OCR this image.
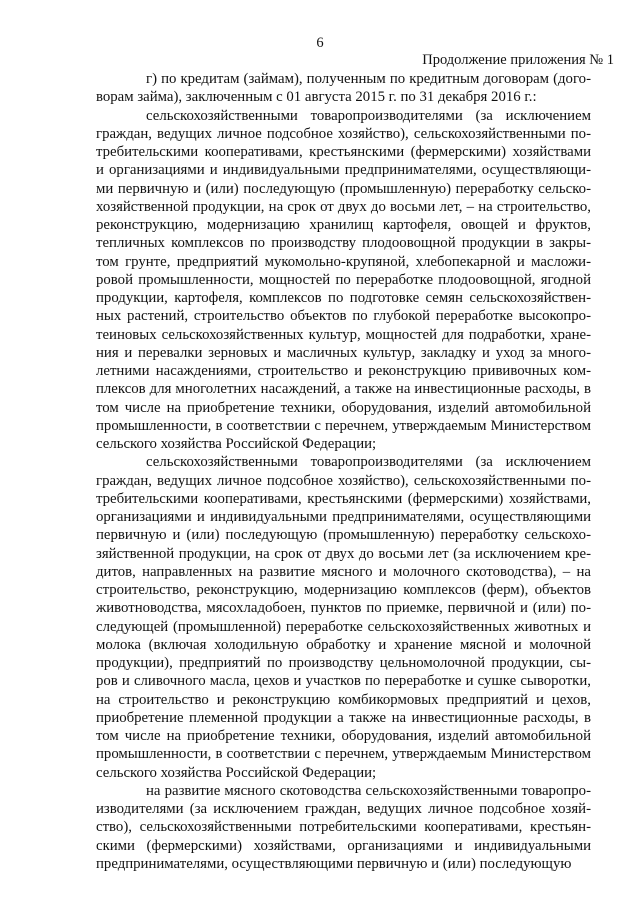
6
Продолжение приложения № 1

г) по кредитам (займам), полученным по кредитным договорам (договорам займа), заключенным с 01 августа 2015 г. по 31 декабря 2016 г.:

сельскохозяйственными товаропроизводителями (за исключением граждан, ведущих личное подсобное хозяйство), сельскохозяйственными потребительскими кооперативами, крестьянскими (фермерскими) хозяйствами и организациями и индивидуальными предпринимателями, осуществляющими первичную и (или) последующую (промышленную) переработку сельскохозяйственной продукции, на срок от двух до восьми лет, – на строительство, реконструкцию, модернизацию хранилищ картофеля, овощей и фруктов, тепличных комплексов по производству плодоовощной продукции в закрытом грунте, предприятий мукомольно-крупяной, хлебопекарной и масложировой промышленности, мощностей по переработке плодоовощной, ягодной продукции, картофеля, комплексов по подготовке семян сельскохозяйственных растений, строительство объектов по глубокой переработке высокопротеиновых сельскохозяйственных культур, мощностей для подработки, хранения и перевалки зерновых и масличных культур, закладку и уход за многолетними насаждениями, строительство и реконструкцию прививочных комплексов для многолетних насаждений, а также на инвестиционные расходы, в том числе на приобретение техники, оборудования, изделий автомобильной промышленности, в соответствии с перечнем, утверждаемым Министерством сельского хозяйства Российской Федерации;

сельскохозяйственными товаропроизводителями (за исключением граждан, ведущих личное подсобное хозяйство), сельскохозяйственными потребительскими кооперативами, крестьянскими (фермерскими) хозяйствами, организациями и индивидуальными предпринимателями, осуществляющими первичную и (или) последующую (промышленную) переработку сельскохозяйственной продукции, на срок от двух до восьми лет (за исключением кредитов, направленных на развитие мясного и молочного скотоводства), – на строительство, реконструкцию, модернизацию комплексов (ферм), объектов животноводства, мясохладобоен, пунктов по приемке, первичной и (или) последующей (промышленной) переработке сельскохозяйственных животных и молока (включая холодильную обработку и хранение мясной и молочной продукции), предприятий по производству цельномолочной продукции, сыров и сливочного масла, цехов и участков по переработке и сушке сыворотки, на строительство и реконструкцию комбикормовых предприятий и цехов, приобретение племенной продукции а также на инвестиционные расходы, в том числе на приобретение техники, оборудования, изделий автомобильной промышленности, в соответствии с перечнем, утверждаемым Министерством сельского хозяйства Российской Федерации;

на развитие мясного скотоводства сельскохозяйственными товаропроизводителями (за исключением граждан, ведущих личное подсобное хозяйство), сельскохозяйственными потребительскими кооперативами, крестьянскими (фермерскими) хозяйствами, организациями и индивидуальными предпринимателями, осуществляющими первичную и (или) последующую
